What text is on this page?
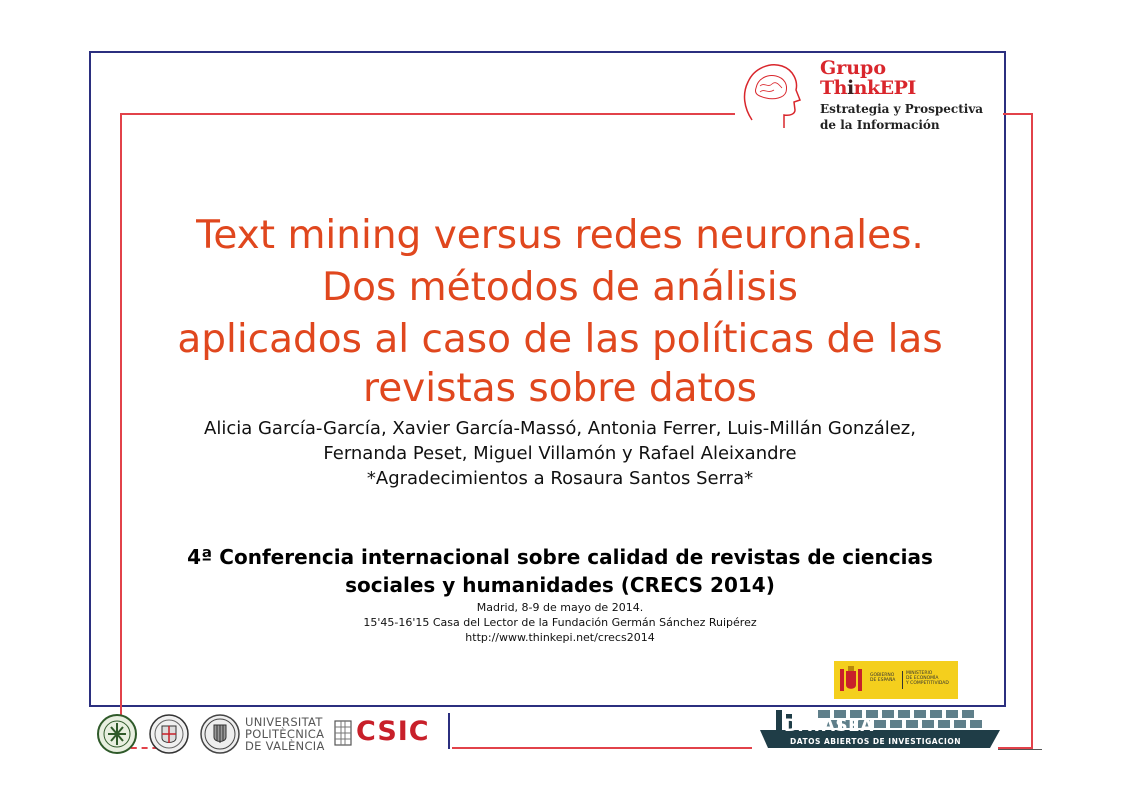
Grupo
ThinkEPI
Estrategia y Prospectiva
de la Información
Text mining versus redes neuronales.
Dos métodos de análisis
aplicados al caso de las políticas de las
revistas sobre datos
Alicia García-García, Xavier García-Massó, Antonia Ferrer, Luis-Millán González,
Fernanda Peset, Miguel Villamón y Rafael Aleixandre
*Agradecimientos a Rosaura Santos Serra*
4ª Conferencia internacional sobre calidad de revistas de ciencias
sociales y humanidades (CRECS 2014)
Madrid, 8-9 de mayo de 2014.
15'45-16'15 Casa del Lector de la Fundación Germán Sánchez Ruipérez
http://www.thinkepi.net/crecs2014
GOBIERNO
DE ESPAÑA
MINISTERIO
DE ECONOMÍA
Y COMPETITIVIDAD
UNIVERSITAT
POLITÈCNICA
DE VALÈNCIA CSIC	DATASEA
DATOS ABIERTOS DE INVESTIGACION
